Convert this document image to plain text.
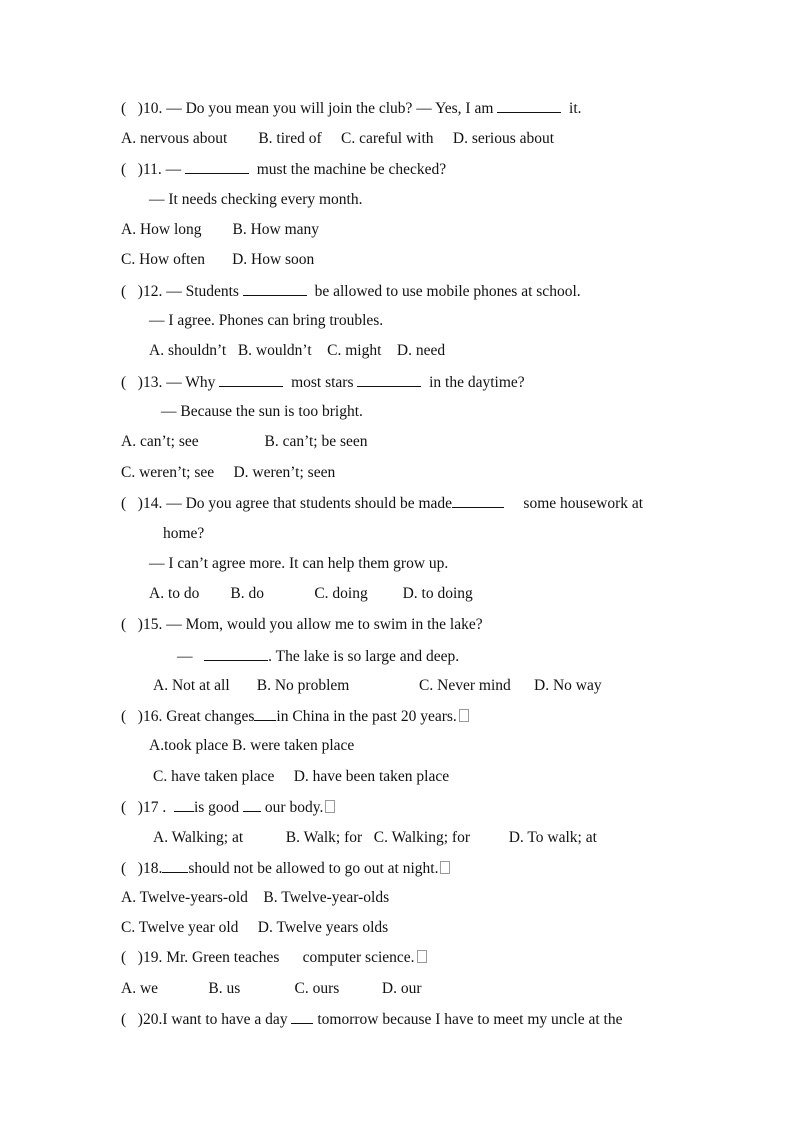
(   )10. — Do you mean you will join the club? — Yes, I am	it.
A. nervous about        B. tired of     C. careful with     D. serious about
(   )11. —	must the machine be checked?
— It needs checking every month.
A. How long        B. How many
C. How often       D. How soon
(   )12. — Students	be allowed to use mobile phones at school.
— I agree. Phones can bring troubles.
A. shouldn’t   B. wouldn’t    C. might    D. need
(   )13. — Why	most stars	in the daytime?
— Because the sun is too bright.
A. can’t; see                 B. can’t; be seen
C. weren’t; see     D. weren’t; seen
(   )14. — Do you agree that students should be made	some housework at
home?
— I can’t agree more. It can help them grow up.
A. to do        B. do             C. doing         D. to doing
(   )15. — Mom, would you allow me to swim in the lake?
—	. The lake is so large and deep.
A. Not at all       B. No problem                  C. Never mind      D. No way
(   )16. Great changes in China in the past 20 years.
A.took place B. were taken place
C. have taken place     D. have been taken place
(   )17 .  is good  our body.
A. Walking; at           B. Walk; for   C. Walking; for          D. To walk; at
(   )18. should not be allowed to go out at night.
A. Twelve-years-old    B. Twelve-year-olds
C. Twelve year old     D. Twelve years olds
(   )19. Mr. Green teaches      computer science.
A. we             B. us              C. ours           D. our
(   )20.I want to have a day  tomorrow because I have to meet my uncle at the
